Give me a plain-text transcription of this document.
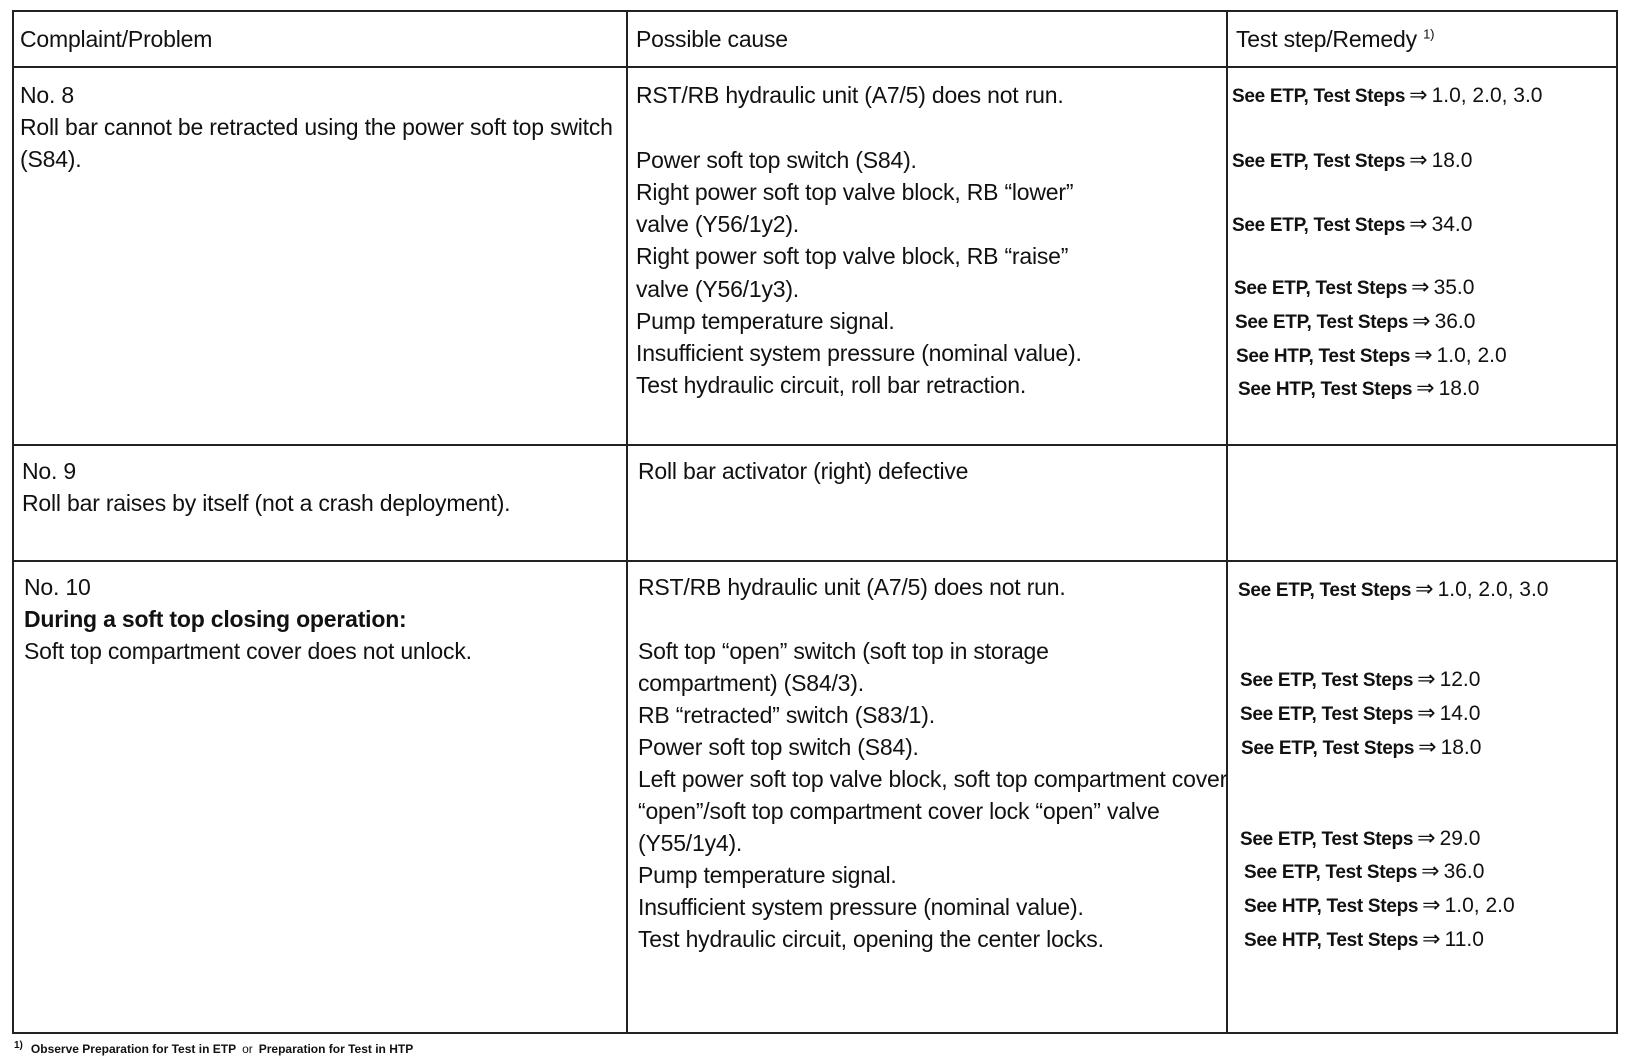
Complaint/Problem	Possible cause	Test step/Remedy $^{1)}$
No. 8
Roll bar cannot be retracted using the power soft top switch
(S84).
RST/RB hydraulic unit (A7/5) does not run.
Power soft top switch (S84).
Right power soft top valve block, RB “lower”
valve (Y56/1y2).
Right power soft top valve block, RB “raise”
valve (Y56/1y3).
Pump temperature signal.
Insufficient system pressure (nominal value).
Test hydraulic circuit, roll bar retraction.
See ETP, Test Steps ⇒ 1.0, 2.0, 3.0
See ETP, Test Steps ⇒ 18.0
See ETP, Test Steps ⇒ 34.0
See ETP, Test Steps ⇒ 35.0
See ETP, Test Steps ⇒ 36.0
See HTP, Test Steps ⇒ 1.0, 2.0
See HTP, Test Steps ⇒ 18.0
No. 9
Roll bar raises by itself (not a crash deployment).
Roll bar activator (right) defective
No. 10
During a soft top closing operation:
Soft top compartment cover does not unlock.
RST/RB hydraulic unit (A7/5) does not run.
Soft top “open” switch (soft top in storage
compartment) (S84/3).
RB “retracted” switch (S83/1).
Power soft top switch (S84).
Left power soft top valve block, soft top compartment cover
“open”/soft top compartment cover lock “open” valve
(Y55/1y4).
Pump temperature signal.
Insufficient system pressure (nominal value).
Test hydraulic circuit, opening the center locks.
See ETP, Test Steps ⇒ 1.0, 2.0, 3.0
See ETP, Test Steps ⇒ 12.0
See ETP, Test Steps ⇒ 14.0
See ETP, Test Steps ⇒ 18.0
See ETP, Test Steps ⇒ 29.0
See ETP, Test Steps ⇒ 36.0
See HTP, Test Steps ⇒ 1.0, 2.0
See HTP, Test Steps ⇒ 11.0
$^{1)}$ Observe Preparation for Test in ETP or Preparation for Test in HTP
